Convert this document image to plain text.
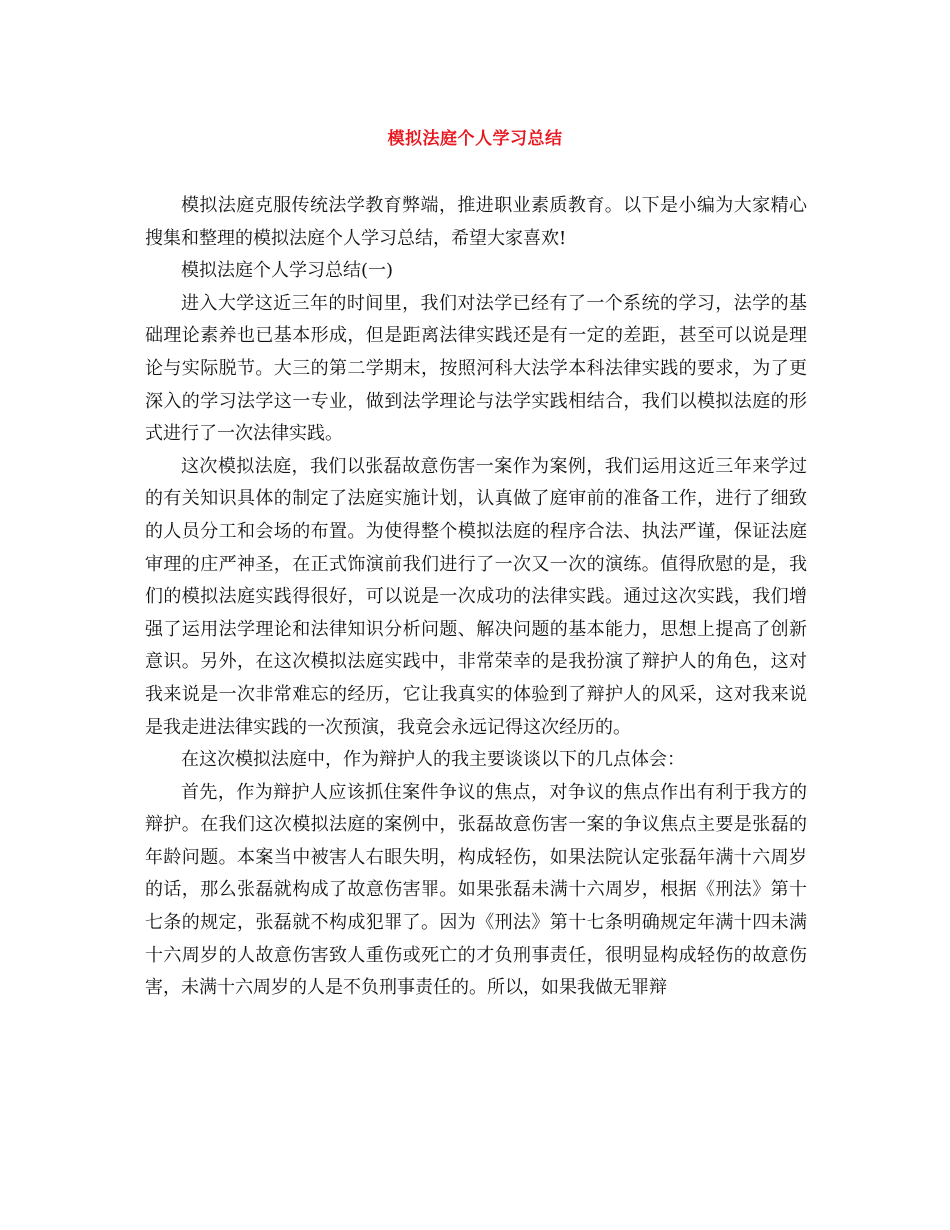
模拟法庭个人学习总结

模拟法庭克服传统法学教育弊端，推进职业素质教育。以下是小编为大家精心搜集和整理的模拟法庭个人学习总结，希望大家喜欢!

模拟法庭个人学习总结(一)

进入大学这近三年的时间里，我们对法学已经有了一个系统的学习，法学的基础理论素养也已基本形成，但是距离法律实践还是有一定的差距，甚至可以说是理论与实际脱节。大三的第二学期末，按照河科大法学本科法律实践的要求，为了更深入的学习法学这一专业，做到法学理论与法学实践相结合，我们以模拟法庭的形式进行了一次法律实践。

这次模拟法庭，我们以张磊故意伤害一案作为案例，我们运用这近三年来学过的有关知识具体的制定了法庭实施计划，认真做了庭审前的准备工作，进行了细致的人员分工和会场的布置。为使得整个模拟法庭的程序合法、执法严谨，保证法庭审理的庄严神圣，在正式饰演前我们进行了一次又一次的演练。值得欣慰的是，我们的模拟法庭实践得很好，可以说是一次成功的法律实践。通过这次实践，我们增强了运用法学理论和法律知识分析问题、解决问题的基本能力，思想上提高了创新意识。另外，在这次模拟法庭实践中，非常荣幸的是我扮演了辩护人的角色，这对我来说是一次非常难忘的经历，它让我真实的体验到了辩护人的风采，这对我来说是我走进法律实践的一次预演，我竟会永远记得这次经历的。

在这次模拟法庭中，作为辩护人的我主要谈谈以下的几点体会：

首先，作为辩护人应该抓住案件争议的焦点，对争议的焦点作出有利于我方的辩护。在我们这次模拟法庭的案例中，张磊故意伤害一案的争议焦点主要是张磊的年龄问题。本案当中被害人右眼失明，构成轻伤，如果法院认定张磊年满十六周岁的话，那么张磊就构成了故意伤害罪。如果张磊未满十六周岁，根据《刑法》第十七条的规定，张磊就不构成犯罪了。因为《刑法》第十七条明确规定年满十四未满十六周岁的人故意伤害致人重伤或死亡的才负刑事责任，很明显构成轻伤的故意伤害，未满十六周岁的人是不负刑事责任的。所以，如果我做无罪辩
